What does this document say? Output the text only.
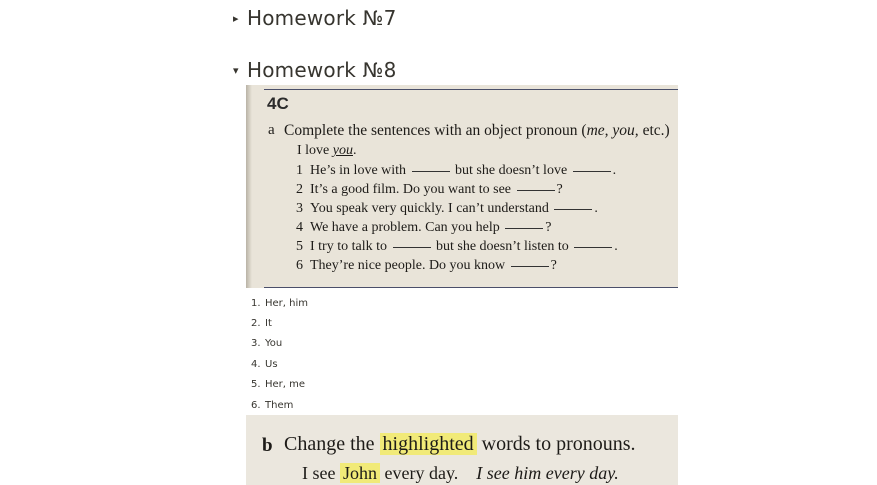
▸ Homework №7
▾ Homework №8
4C
a Complete the sentences with an object pronoun (me, you, etc.)
I love you.
1 He’s in love with	but she doesn’t love	.
2 It’s a good film. Do you want to see	?
3 You speak very quickly. I can’t understand	.
4 We have a problem. Can you help	?
5 I try to talk to	but she doesn’t listen to	.
6 They’re nice people. Do you know	?
1. Her, him
2. It
3. You
4. Us
5. Her, me
6. Them
b Change the highlighted words to pronouns.
I see John every day. I see him every day.
